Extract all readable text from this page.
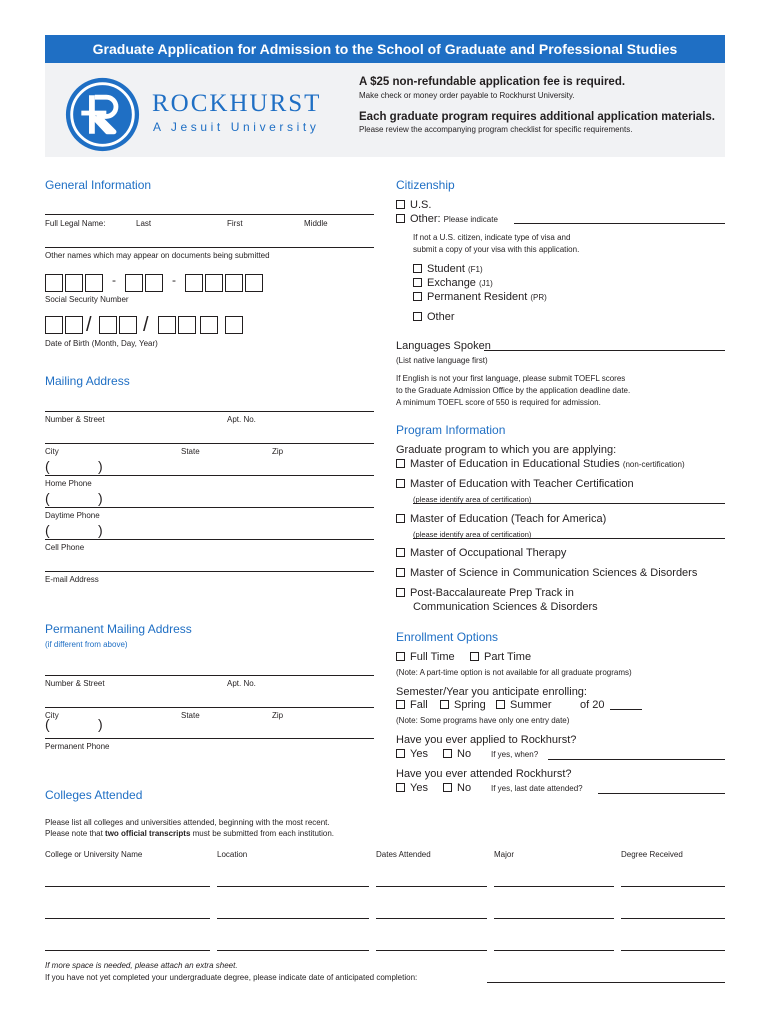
Graduate Application for Admission to the School of Graduate and Professional Studies
ROCKHURST
A Jesuit University
A $25 non-refundable application fee is required.
Make check or money order payable to Rockhurst University.
Each graduate program requires additional application materials.
Please review the accompanying program checklist for specific requirements.
General Information
Full Legal Name:	Last	First	Middle
Other names which may appear on documents being submitted
-	-
Social Security Number
/	/
Date of Birth (Month, Day, Year)
Mailing Address
Number & Street	Apt. No.
City	State	Zip
(	)
Home Phone
(	)
Daytime Phone
(	)
Cell Phone
E-mail Address
Permanent Mailing Address
(if different from above)
Number & Street	Apt. No.
City	State	Zip
(	)
Permanent Phone
Citizenship
U.S.
Other: Please indicate
If not a U.S. citizen, indicate type of visa and
submit a copy of your visa with this application.
Student (F1)
Exchange (J1)
Permanent Resident (PR)
Other
Languages Spoken
(List native language first)
If English is not your first language, please submit TOEFL scores
to the Graduate Admission Office by the application deadline date.
A minimum TOEFL score of 550 is required for admission.
Program Information
Graduate program to which you are applying:
Master of Education in Educational Studies (non-certification)
Master of Education with Teacher Certification
(please identify area of certification)
Master of Education (Teach for America)
(please identify area of certification)
Master of Occupational Therapy
Master of Science in Communication Sciences & Disorders
Post-Baccalaureate Prep Track in
Communication Sciences & Disorders
Enrollment Options
Full Time	Part Time
(Note: A part-time option is not available for all graduate programs)
Semester/Year you anticipate enrolling:
Fall	Spring	Summer	of 20
(Note: Some programs have only one entry date)
Have you ever applied to Rockhurst?
Yes	No If yes, when?
Have you ever attended Rockhurst?
Yes	No If yes, last date attended?
Colleges Attended
Please list all colleges and universities attended, beginning with the most recent.
Please note that two official transcripts must be submitted from each institution.
College or University Name	Location	Dates Attended	Major	Degree Received
If more space is needed, please attach an extra sheet.
If you have not yet completed your undergraduate degree, please indicate date of anticipated completion:
